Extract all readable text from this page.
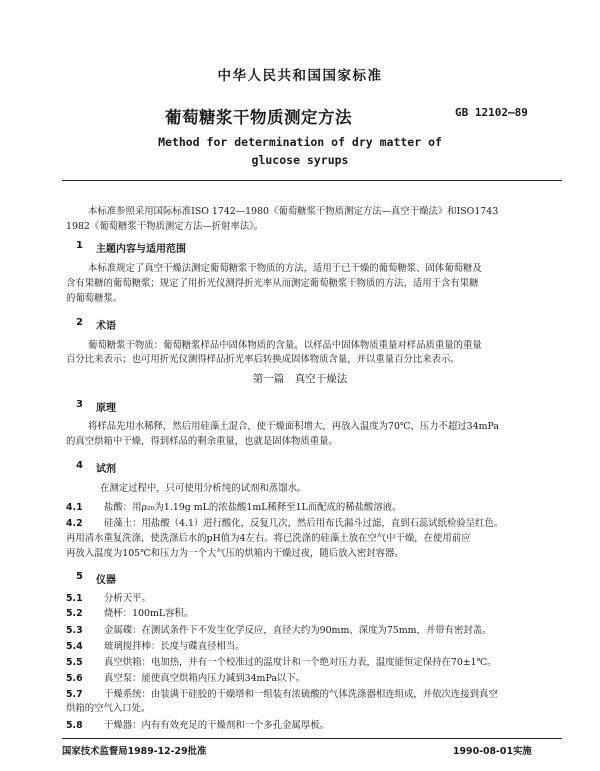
中华人民共和国国家标准
葡萄糖浆干物质测定方法	GB 12102—89
Method for determination of dry matter of
glucose syrups
本标准参照采用国际标准ISO 1742—1980《葡萄糖浆干物质测定方法—真空干燥法》和ISO1743
1982《葡萄糖浆干物质测定方法—折射率法》。
1 主题内容与适用范围
本标准规定了真空干燥法测定葡萄糖浆干物质的方法，适用于已干燥的葡萄糖浆、固体葡萄糖及
含有果糖的葡萄糖浆；规定了用折光仪测得折光率从而测定葡萄糖浆干物质的方法，适用于含有果糖
的葡萄糖浆。
2 术语
葡萄糖浆干物质：葡萄糖浆样品中固体物质的含量。以样品中固体物质重量对样品质重量的重量
百分比来表示；也可用折光仪测得样品折光率后转换成固体物质含量，并以重量百分比来表示。
第一篇　真空干燥法
3 原理
将样品先用水稀释，然后用硅藻土混合，使干燥面积增大，再放入温度为70℃、压力不超过34mPa
的真空烘箱中干燥，得到样品的剩余重量，也就是固体物质重量。
4 试剂
在测定过程中，只可使用分析纯的试剂和蒸馏水。
4.1 盐酸：用ρ₂₀为1.19g mL的浓盐酸1mL稀释至1L而配成的稀盐酸溶液。
4.2 硅藻土：用盐酸（4.1）进行酸化，反复几次，然后用布氏漏斗过滤，直到石蕊试纸检验呈红色。
再用清水重复洗涤，使洗涤后水的pH值为4左右。将已洗涤的硅藻土放在空气中干燥，在使用前应
再放入温度为105℃和压力为一个大气压的烘箱内干燥过夜，随后放入密封容器。
5 仪器
5.1 分析天平。
5.2 烧杯：100mL容积。
5.3 金属碟：在测试条件下不发生化学反应，直径大约为90mm、深度为75mm，并带有密封盖。
5.4 玻璃搅拌棒：长度与碟直径相当。
5.5 真空烘箱：电加热，并有一个校准过的温度计和一个绝对压力表，温度能恒定保持在70±1℃。
5.6 真空泵：能使真空烘箱内压力减到34mPa以下。
5.7 干燥系统：由装满干硅胶的干燥塔和一组装有浓硫酸的气体洗涤器相连组成，并依次连接到真空
烘箱的空气入口处。
5.8 干燥器：内有有效充足的干燥剂和一个多孔金属厚板。
国家技术监督局1989-12-29批准	1990-08-01实施
